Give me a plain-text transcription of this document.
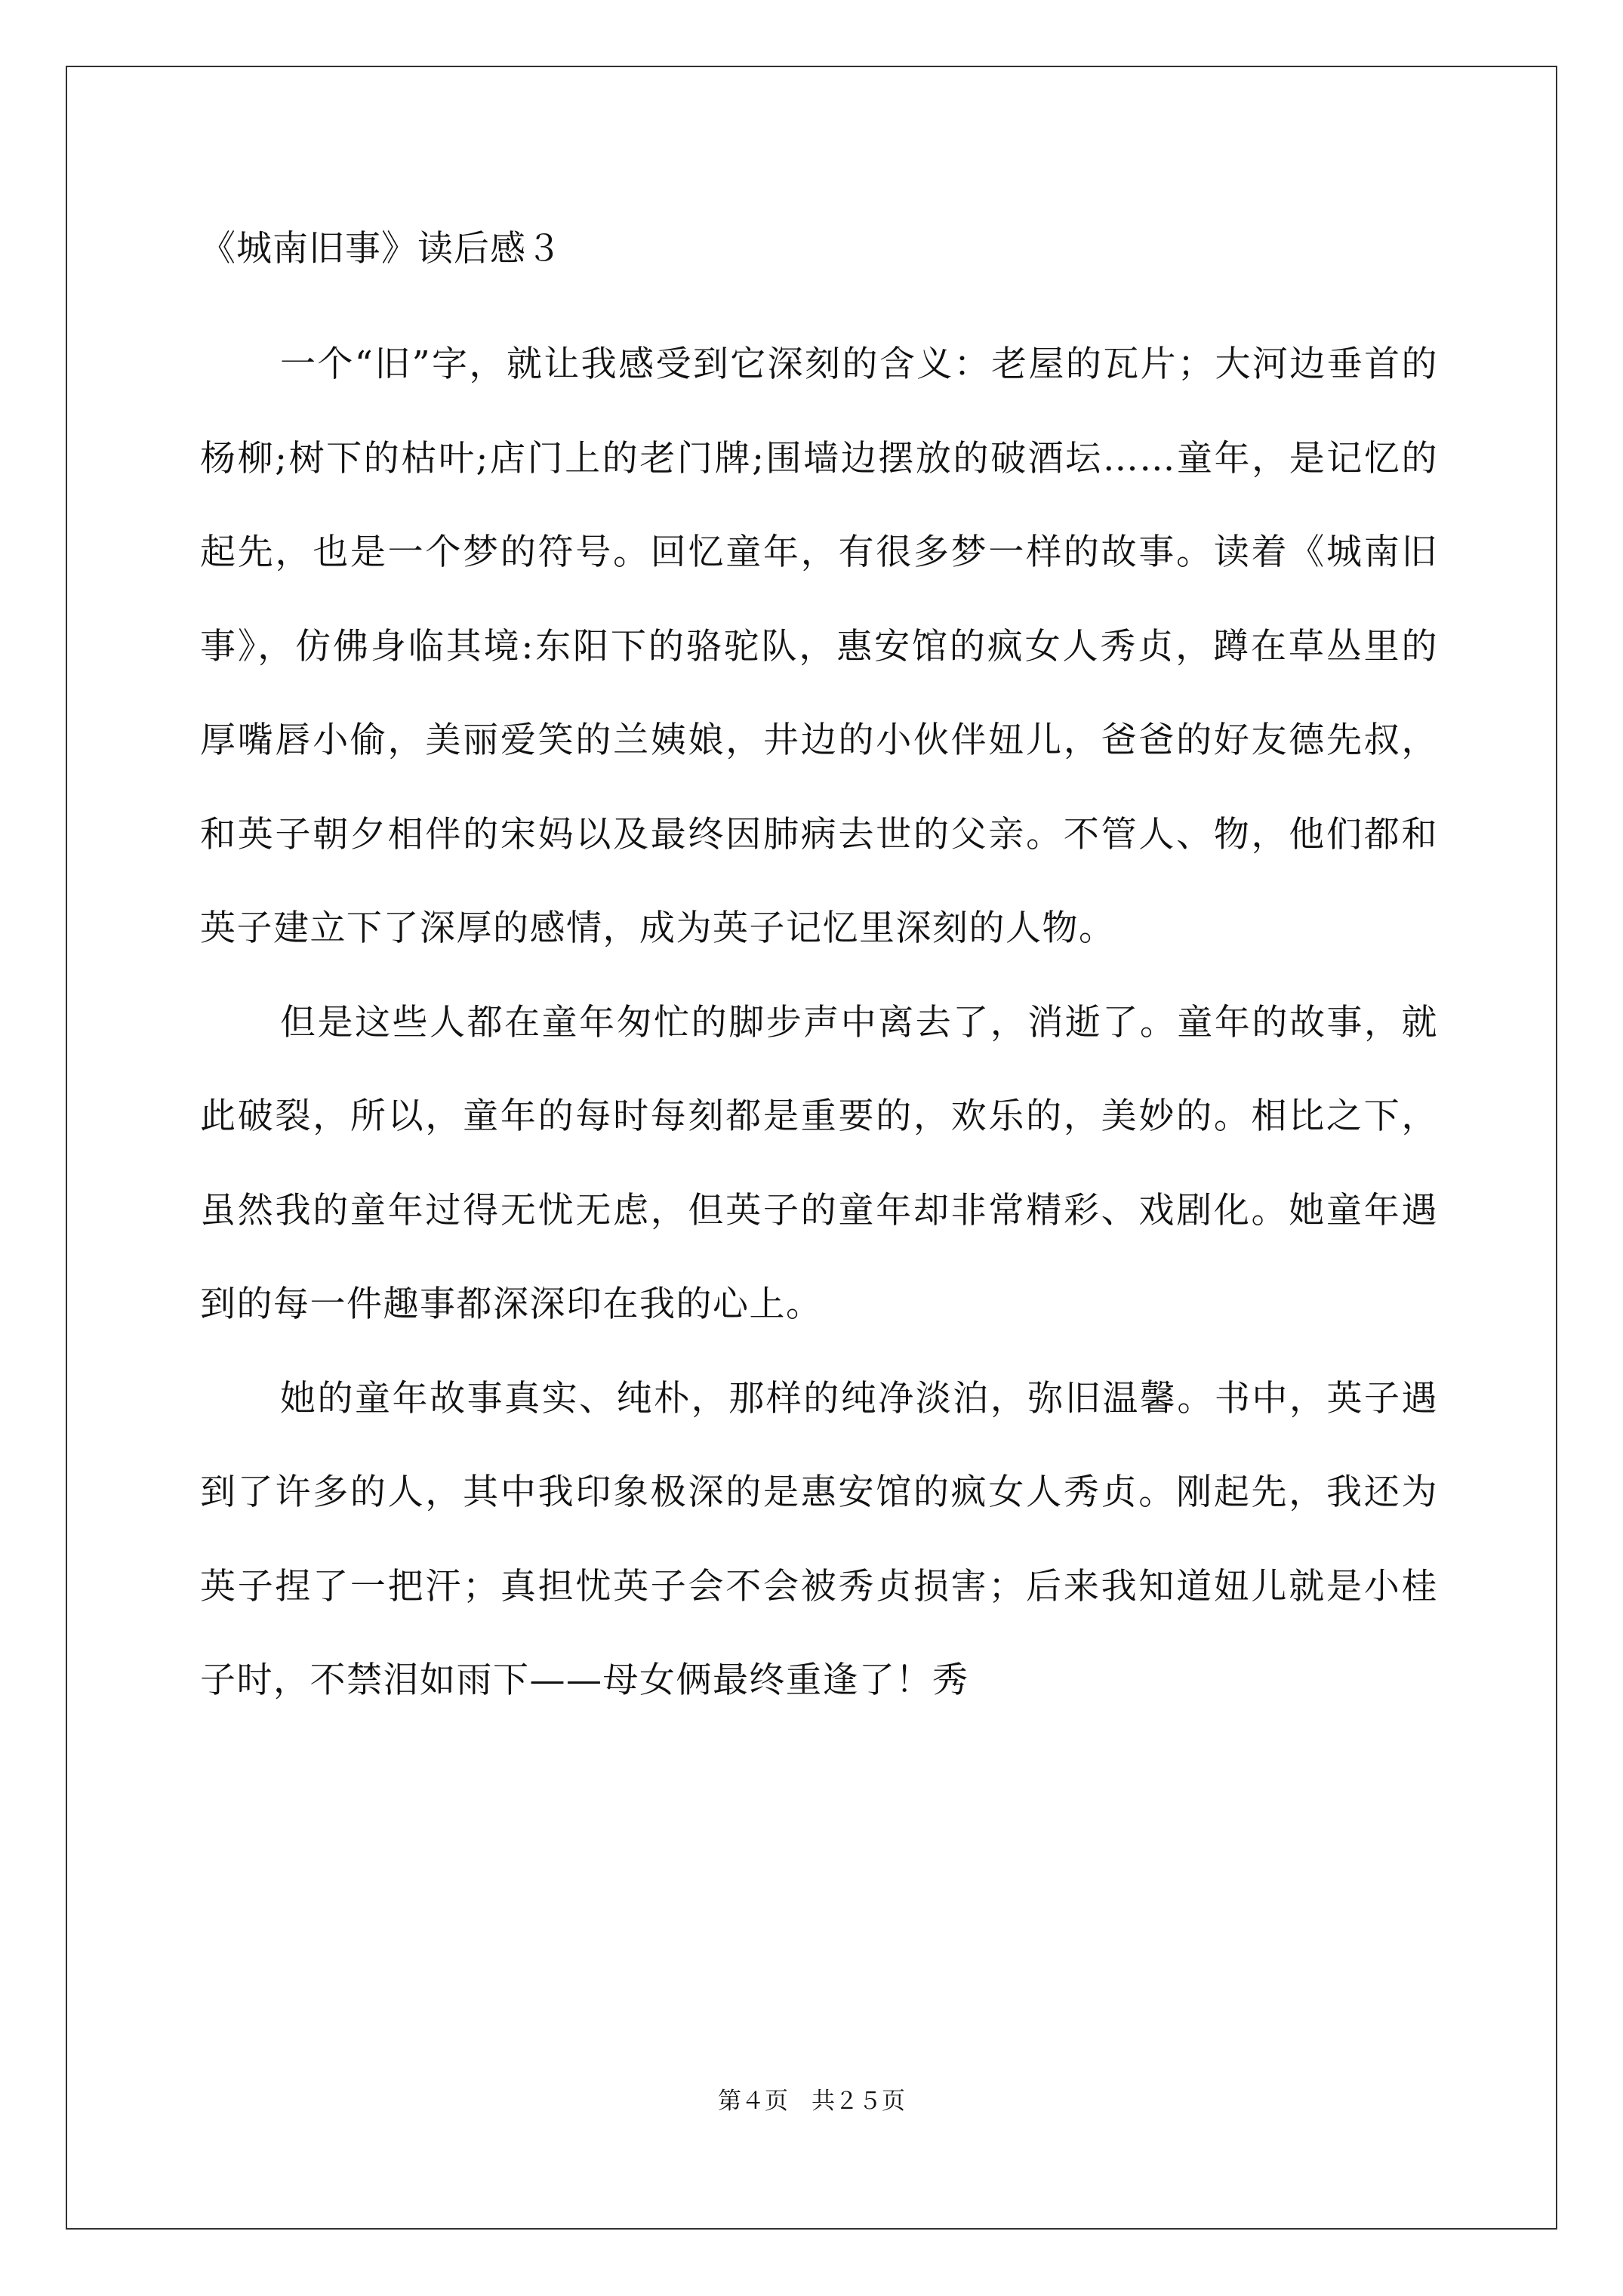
《城南旧事》读后感３

一个“旧”字，就让我感受到它深刻的含义：老屋的瓦片；大河边垂首的杨柳;树下的枯叶;店门上的老门牌;围墙边摆放的破酒坛……童年，是记忆的起先，也是一个梦的符号。回忆童年，有很多梦一样的故事。读着《城南旧事》，仿佛身临其境:东阳下的骆驼队，惠安馆的疯女人秀贞，蹲在草丛里的厚嘴唇小偷，美丽爱笑的兰姨娘，井边的小伙伴妞儿，爸爸的好友德先叔，和英子朝夕相伴的宋妈以及最终因肺病去世的父亲。不管人、物，他们都和英子建立下了深厚的感情，成为英子记忆里深刻的人物。

但是这些人都在童年匆忙的脚步声中离去了，消逝了。童年的故事，就此破裂，所以，童年的每时每刻都是重要的，欢乐的，美妙的。相比之下，虽然我的童年过得无忧无虑，但英子的童年却非常精彩、戏剧化。她童年遇到的每一件趣事都深深印在我的心上。

她的童年故事真实、纯朴，那样的纯净淡泊，弥旧温馨。书中，英子遇到了许多的人，其中我印象极深的是惠安馆的疯女人秀贞。刚起先，我还为英子捏了一把汗；真担忧英子会不会被秀贞损害；后来我知道妞儿就是小桂子时，不禁泪如雨下——母女俩最终重逢了！秀

第４页　共２５页
